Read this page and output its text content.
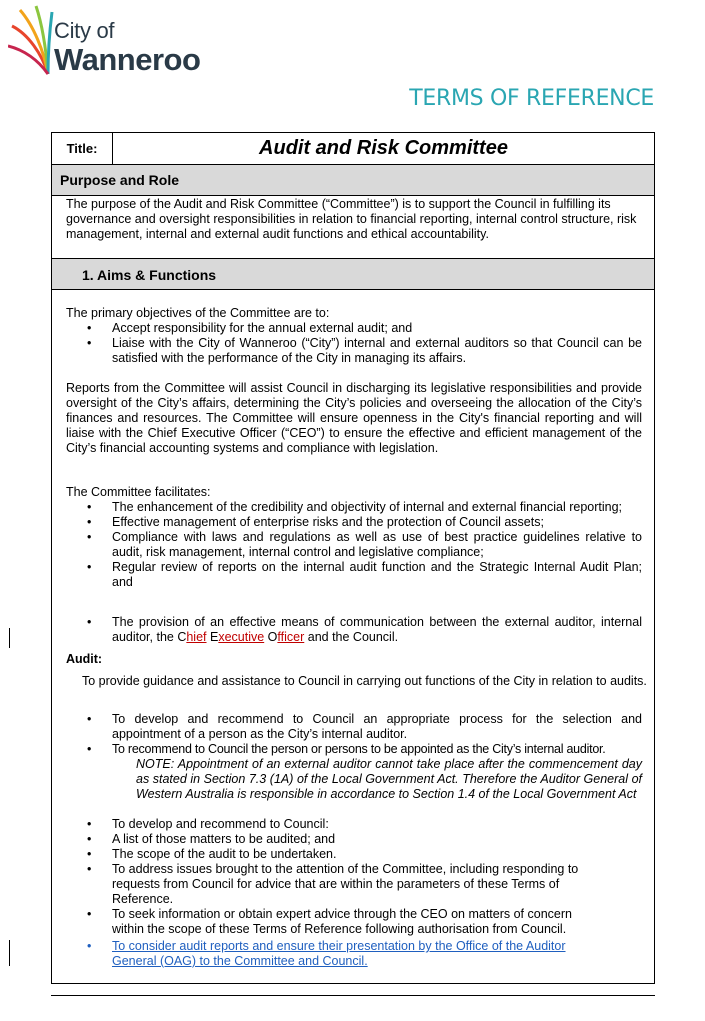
City of
Wanneroo
TERMS OF REFERENCE
Title:	Audit and Risk Committee
Purpose and Role

The purpose of the Audit and Risk Committee (“Committee”) is to support the Council in fulfilling its governance and oversight responsibilities in relation to financial reporting, internal control structure, risk management, internal and external audit functions and ethical accountability.

1. Aims & Functions

The primary objectives of the Committee are to:

• Accept responsibility for the annual external audit; and
• Liaise with the City of Wanneroo (“City”) internal and external auditors so that Council can be satisfied with the performance of the City in managing its affairs.

Reports from the Committee will assist Council in discharging its legislative responsibilities and provide oversight of the City’s affairs, determining the City’s policies and overseeing the allocation of the City’s finances and resources. The Committee will ensure openness in the City's financial reporting and will liaise with the Chief Executive Officer (“CEO”) to ensure the effective and efficient management of the City’s financial accounting systems and compliance with legislation.

The Committee facilitates:

• The enhancement of the credibility and objectivity of internal and external financial reporting;
• Effective management of enterprise risks and the protection of Council assets;
• Compliance with laws and regulations as well as use of best practice guidelines relative to audit, risk management, internal control and legislative compliance;
• Regular review of reports on the internal audit function and the Strategic Internal Audit Plan; and
• The provision of an effective means of communication between the external auditor, internal auditor, the Chief Executive Officer and the Council.

Audit:

To provide guidance and assistance to Council in carrying out functions of the City in relation to audits.

• To develop and recommend to Council an appropriate process for the selection and appointment of a person as the City’s internal auditor.
• To recommend to Council the person or persons to be appointed as the City’s internal auditor.
NOTE: Appointment of an external auditor cannot take place after the commencement day as stated in Section 7.3 (1A) of the Local Government Act. Therefore the Auditor General of Western Australia is responsible in accordance to Section 1.4 of the Local Government Act
• To develop and recommend to Council:
• A list of those matters to be audited; and
• The scope of the audit to be undertaken.
• To address issues brought to the attention of the Committee, including responding to requests from Council for advice that are within the parameters of these Terms of Reference.
• To seek information or obtain expert advice through the CEO on matters of concern within the scope of these Terms of Reference following authorisation from Council.
• To consider audit reports and ensure their presentation by the Office of the Auditor General (OAG) to the Committee and Council.
